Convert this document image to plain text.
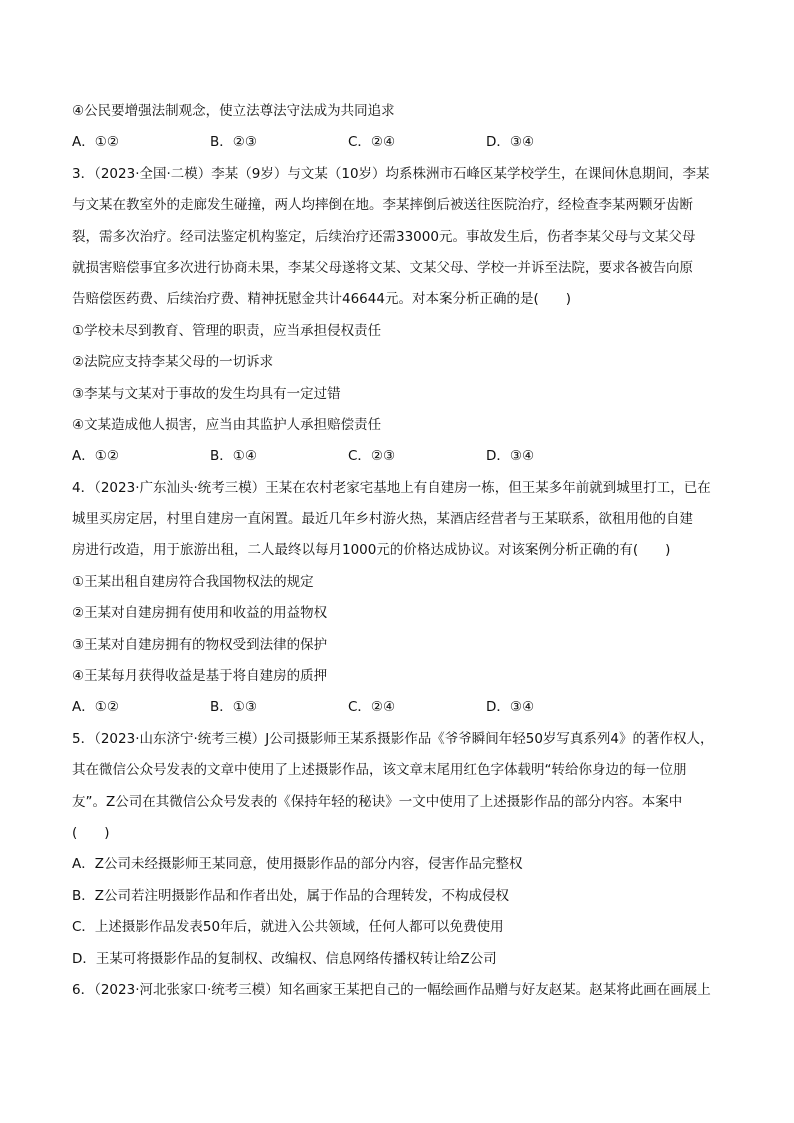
④公民要增强法制观念，使立法尊法守法成为共同追求
A．①②	B．②③	C．②④	D．③④
3．（2023·全国·二模）李某（9岁）与文某（10岁）均系株洲市石峰区某学校学生，在课间休息期间，李某
与文某在教室外的走廊发生碰撞，两人均摔倒在地。李某摔倒后被送往医院治疗，经检查李某两颗牙齿断
裂，需多次治疗。经司法鉴定机构鉴定，后续治疗还需33000元。事故发生后，伤者李某父母与文某父母
就损害赔偿事宜多次进行协商未果，李某父母遂将文某、文某父母、学校一并诉至法院，要求各被告向原
告赔偿医药费、后续治疗费、精神抚慰金共计46644元。对本案分析正确的是(　　)
①学校未尽到教育、管理的职责，应当承担侵权责任
②法院应支持李某父母的一切诉求
③李某与文某对于事故的发生均具有一定过错
④文某造成他人损害，应当由其监护人承担赔偿责任
A．①②	B．①④	C．②③	D．③④
4．（2023·广东汕头·统考三模）王某在农村老家宅基地上有自建房一栋，但王某多年前就到城里打工，已在
城里买房定居，村里自建房一直闲置。最近几年乡村游火热，某酒店经营者与王某联系，欲租用他的自建
房进行改造，用于旅游出租，二人最终以每月1000元的价格达成协议。对该案例分析正确的有(　　)
①王某出租自建房符合我国物权法的规定
②王某对自建房拥有使用和收益的用益物权
③王某对自建房拥有的物权受到法律的保护
④王某每月获得收益是基于将自建房的质押
A．①②	B．①③	C．②④	D．③④
5．（2023·山东济宁·统考三模）J公司摄影师王某系摄影作品《爷爷瞬间年轻50岁写真系列4》的著作权人，
其在微信公众号发表的文章中使用了上述摄影作品，该文章末尾用红色字体载明“转给你身边的每一位朋
友”。Z公司在其微信公众号发表的《保持年轻的秘诀》一文中使用了上述摄影作品的部分内容。本案中
(　　)
A．Z公司未经摄影师王某同意，使用摄影作品的部分内容，侵害作品完整权
B．Z公司若注明摄影作品和作者出处，属于作品的合理转发，不构成侵权
C．上述摄影作品发表50年后，就进入公共领域，任何人都可以免费使用
D．王某可将摄影作品的复制权、改编权、信息网络传播权转让给Z公司
6．（2023·河北张家口·统考三模）知名画家王某把自己的一幅绘画作品赠与好友赵某。赵某将此画在画展上
